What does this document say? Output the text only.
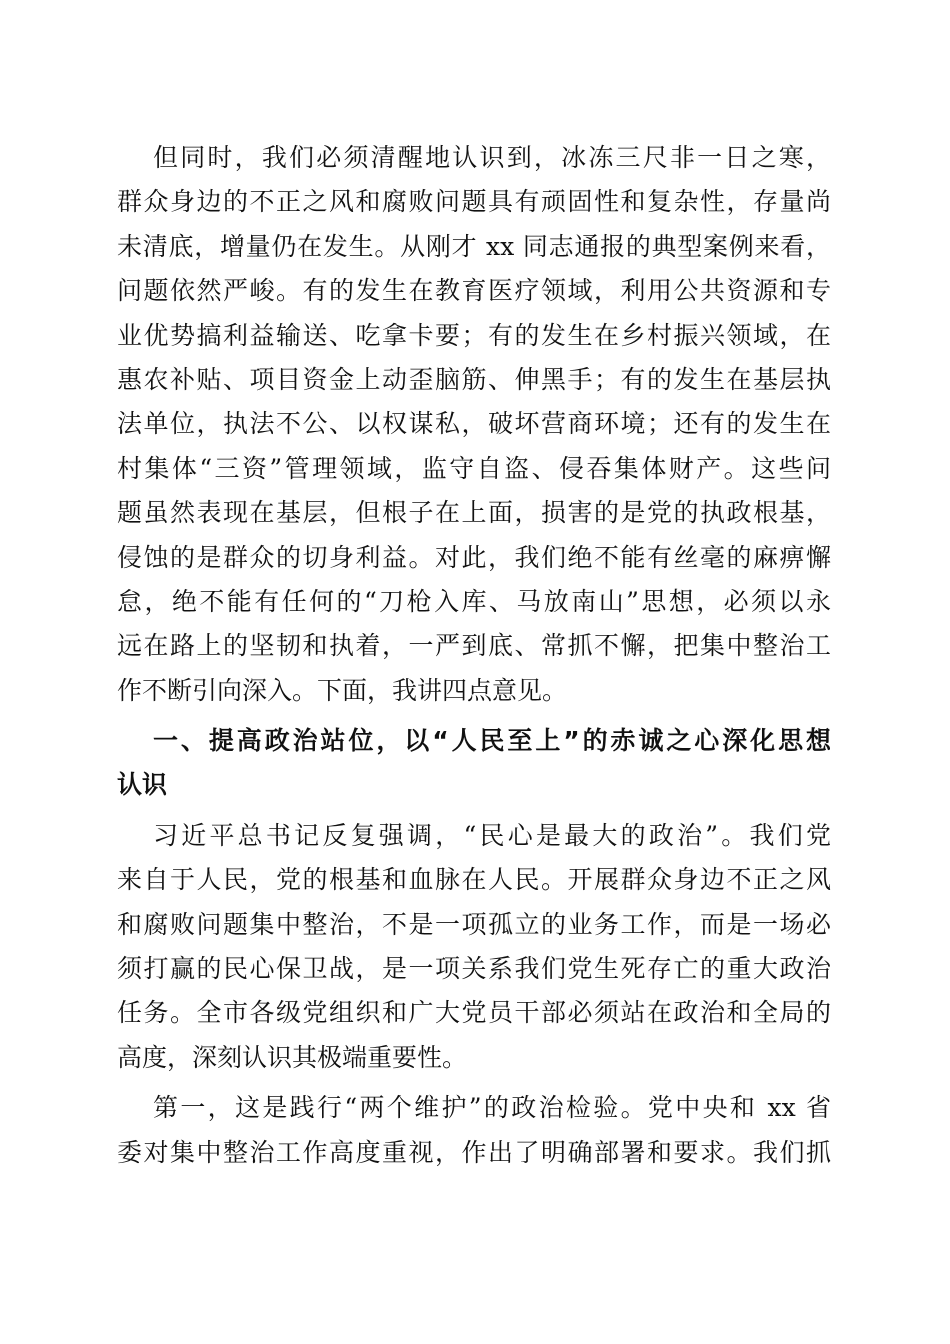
但同时，我们必须清醒地认识到，冰冻三尺非一日之寒，
群众身边的不正之风和腐败问题具有顽固性和复杂性，存量尚
未清底，增量仍在发生。从刚才 xx 同志通报的典型案例来看，
问题依然严峻。有的发生在教育医疗领域，利用公共资源和专
业优势搞利益输送、吃拿卡要；有的发生在乡村振兴领域，在
惠农补贴、项目资金上动歪脑筋、伸黑手；有的发生在基层执
法单位，执法不公、以权谋私，破坏营商环境；还有的发生在
村集体“三资”管理领域，监守自盗、侵吞集体财产。这些问
题虽然表现在基层，但根子在上面，损害的是党的执政根基，
侵蚀的是群众的切身利益。对此，我们绝不能有丝毫的麻痹懈
怠，绝不能有任何的“刀枪入库、马放南山”思想，必须以永
远在路上的坚韧和执着，一严到底、常抓不懈，把集中整治工
作不断引向深入。下面，我讲四点意见。
一、提高政治站位，以“人民至上”的赤诚之心深化思想
认识
习近平总书记反复强调，“民心是最大的政治”。我们党
来自于人民，党的根基和血脉在人民。开展群众身边不正之风
和腐败问题集中整治，不是一项孤立的业务工作，而是一场必
须打赢的民心保卫战，是一项关系我们党生死存亡的重大政治
任务。全市各级党组织和广大党员干部必须站在政治和全局的
高度，深刻认识其极端重要性。
第一，这是践行“两个维护”的政治检验。党中央和 xx 省
委对集中整治工作高度重视，作出了明确部署和要求。我们抓
